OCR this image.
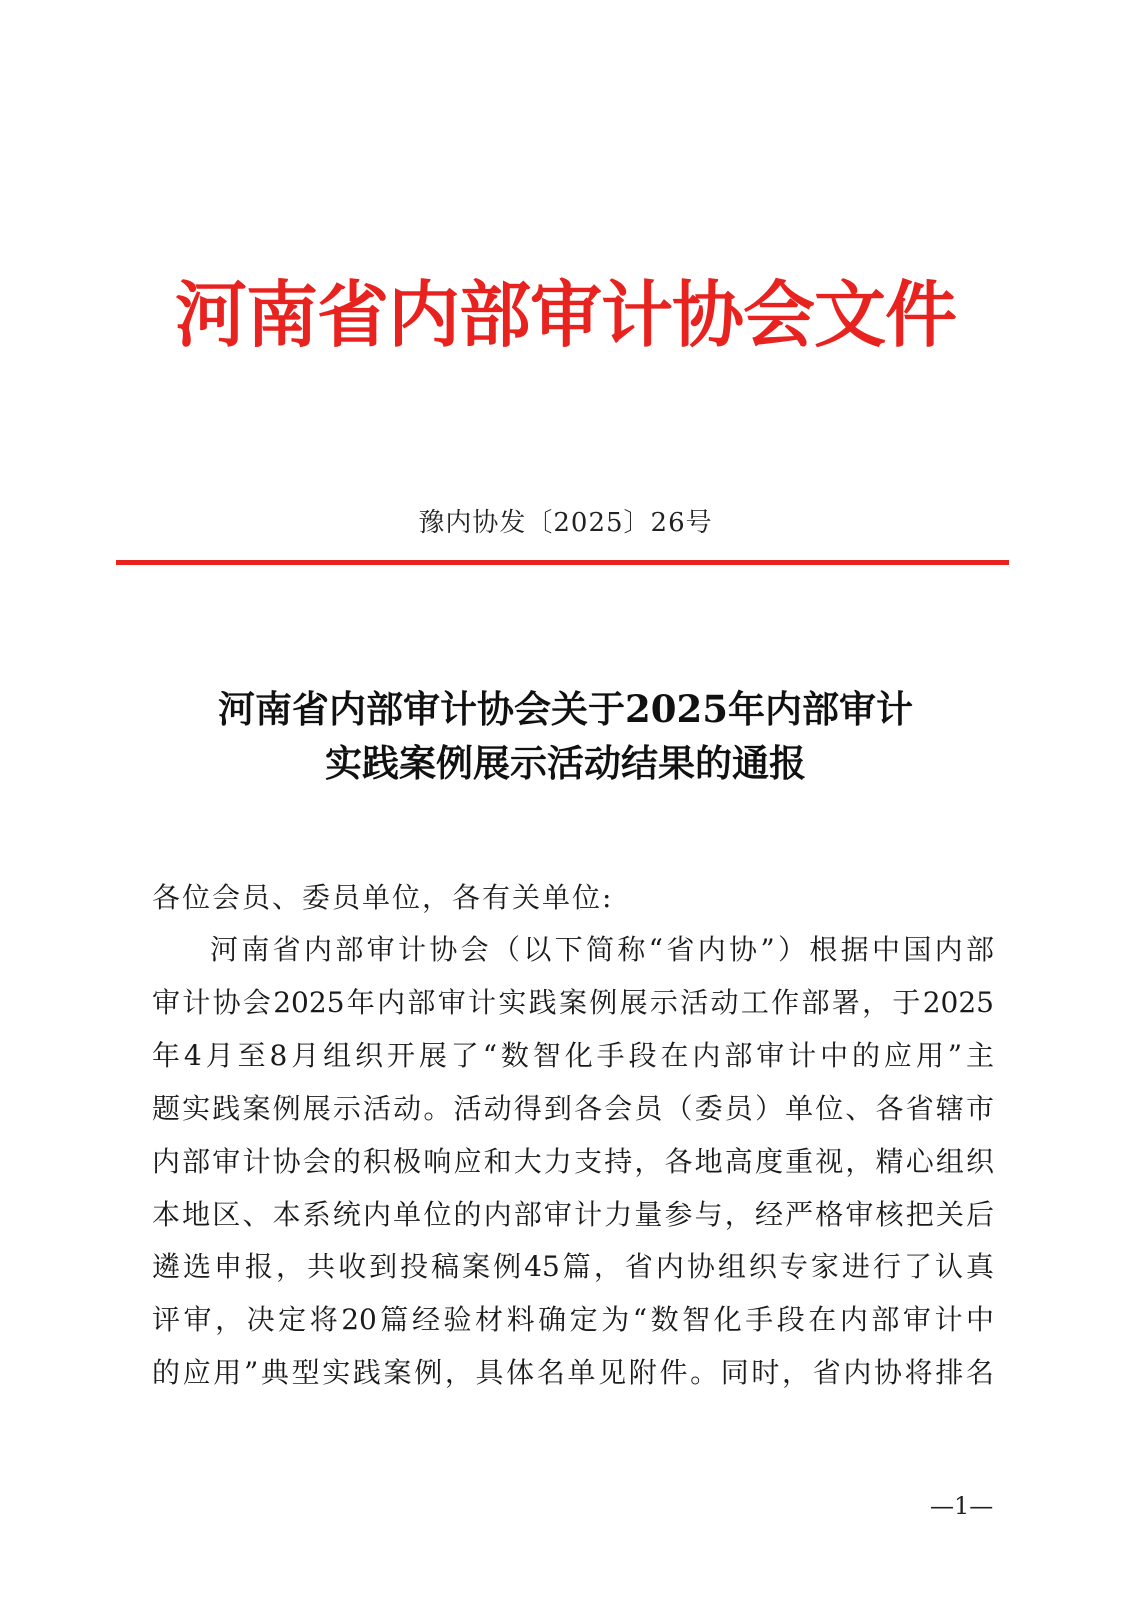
河南省内部审计协会文件
豫内协发〔2025〕26号
河南省内部审计协会关于2025年内部审计
实践案例展示活动结果的通报
各位会员、委员单位，各有关单位:
河南省内部审计协会（以下简称“省内协”）根据中国内部
审计协会2025年内部审计实践案例展示活动工作部署，于2025
年4月至8月组织开展了“数智化手段在内部审计中的应用”主
题实践案例展示活动。活动得到各会员（委员）单位、各省辖市
内部审计协会的积极响应和大力支持，各地高度重视，精心组织
本地区、本系统内单位的内部审计力量参与，经严格审核把关后
遴选申报，共收到投稿案例45篇，省内协组织专家进行了认真
评审，决定将20篇经验材料确定为“数智化手段在内部审计中
的应用”典型实践案例，具体名单见附件。同时，省内协将排名
—1—
